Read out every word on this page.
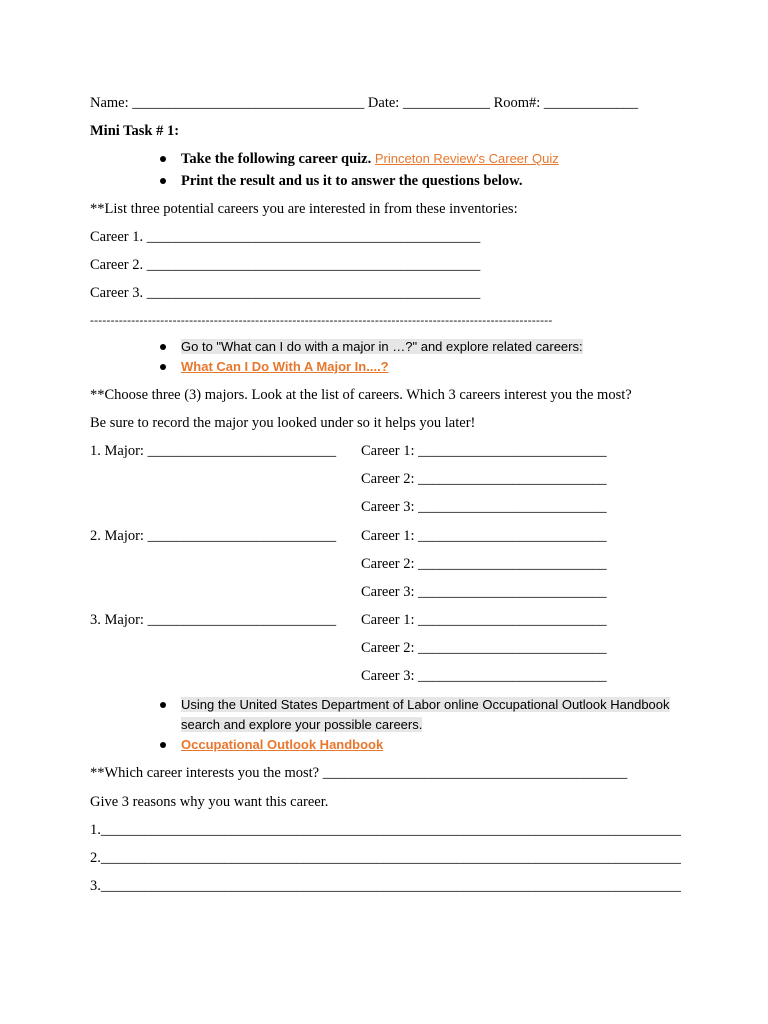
Name: ________________________________ Date: ____________ Room#: _____________
Mini Task # 1:
Take the following career quiz. Princeton Review's Career Quiz
Print the result and us it to answer the questions below.
**List three potential careers you are interested in from these inventories:
Career 1. ______________________________________________
Career 2. ______________________________________________
Career 3. ______________________________________________
----------------------------------------------------------------------------------------------------------------
Go to "What can I do with a major in …?" and explore related careers:
What Can I Do With A Major In....?
**Choose three (3) majors. Look at the list of careers. Which 3 careers interest you the most?
Be sure to record the major you looked under so it helps you later!
1. Major: __________________________ Career 1: __________________________
Career 2: __________________________
Career 3: __________________________
2. Major: __________________________ Career 1: __________________________
Career 2: __________________________
Career 3: __________________________
3. Major: __________________________ Career 1: __________________________
Career 2: __________________________
Career 3: __________________________
Using the United States Department of Labor online Occupational Outlook Handbook
search and explore your possible careers.
Occupational Outlook Handbook
**Which career interests you the most? __________________________________________
Give 3 reasons why you want this career.
1.________________________________________________________________________________
2.________________________________________________________________________________
3.________________________________________________________________________________
